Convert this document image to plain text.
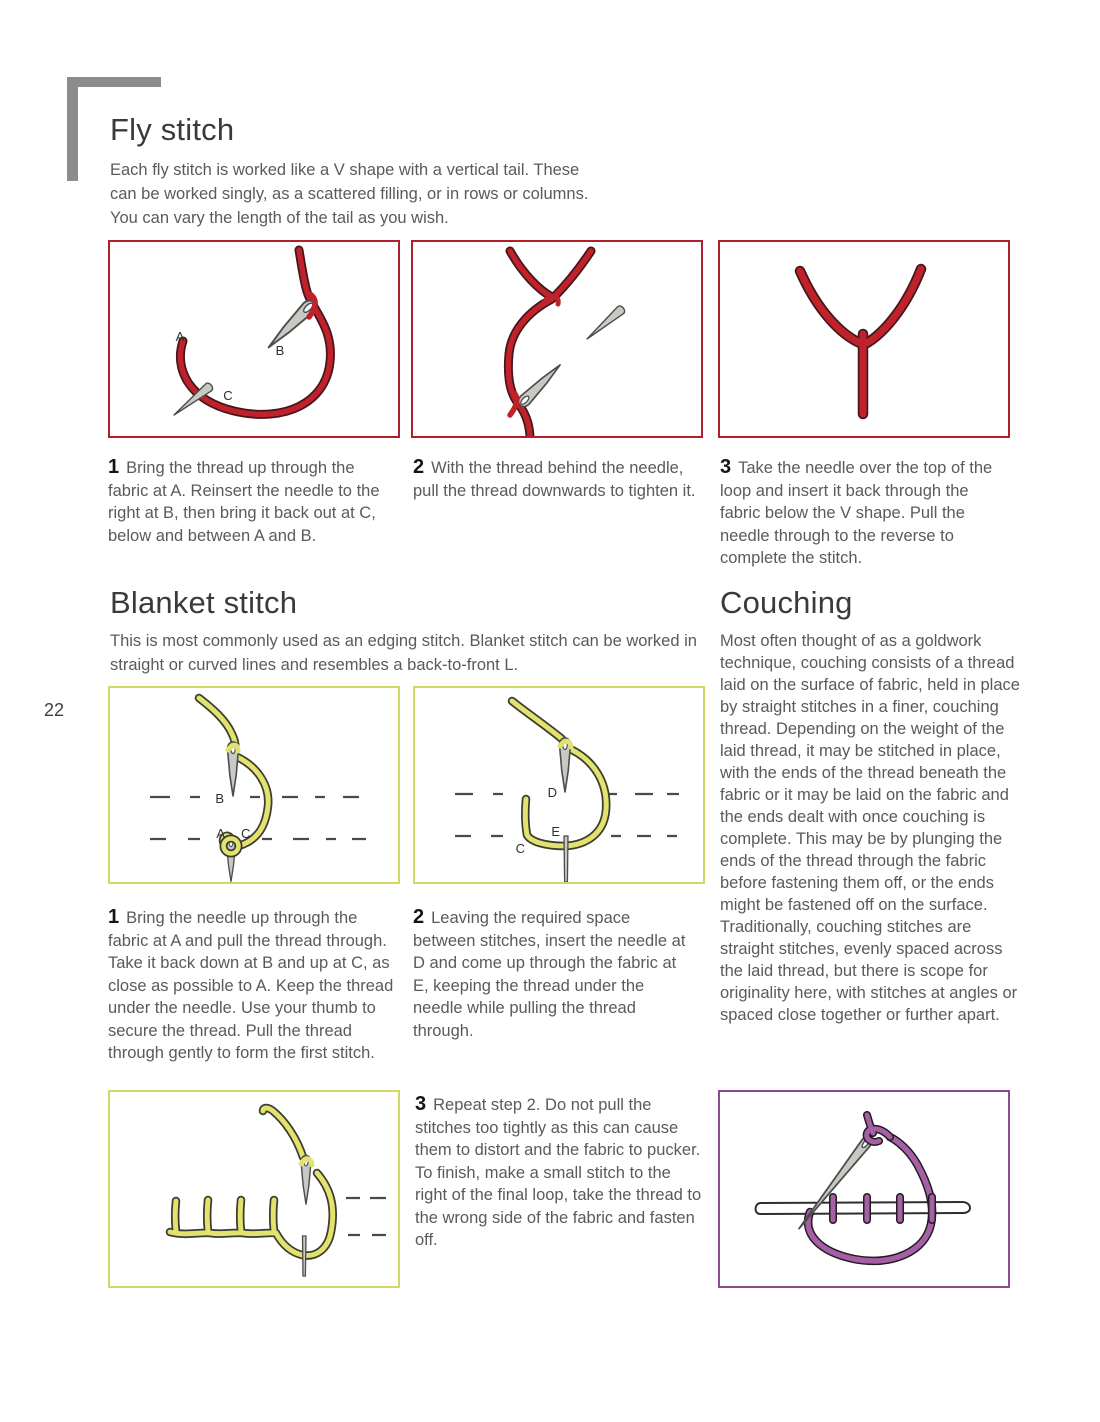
22
Fly stitch

Each fly stitch is worked like a V shape with a vertical tail. These can be worked singly, as a scattered filling, or in rows or columns. You can vary the length of the tail as you wish.

A
B
C
1 Bring the thread up through the fabric at A. Reinsert the needle to the right at B, then bring it back out at C, below and between A and B.
2 With the thread behind the needle, pull the thread downwards to tighten it.
3 Take the needle over the top of the loop and insert it back through the fabric below the V shape. Pull the needle through to the reverse to complete the stitch.
Blanket stitch

This is most commonly used as an edging stitch. Blanket stitch can be worked in straight or curved lines and resembles a back-to-front L.

Couching

Most often thought of as a goldwork technique, couching consists of a thread laid on the surface of fabric, held in place by straight stitches in a finer, couching thread. Depending on the weight of the laid thread, it may be stitched in place, with the ends of the thread beneath the fabric or it may be laid on the fabric and the ends dealt with once couching is complete. This may be by plunging the ends of the thread through the fabric before fastening them off, or the ends might be fastened off on the surface. Traditionally, couching stitches are straight stitches, evenly spaced across the laid thread, but there is scope for originality here, with stitches at angles or spaced close together or further apart.

B
A C
D
E
C
1 Bring the needle up through the fabric at A and pull the thread through. Take it back down at B and up at C, as close as possible to A. Keep the thread under the needle. Use your thumb to secure the thread. Pull the thread through gently to form the first stitch.
2 Leaving the required space between stitches, insert the needle at D and come up through the fabric at E, keeping the thread under the needle while pulling the thread through.
3 Repeat step 2. Do not pull the stitches too tightly as this can cause them to distort and the fabric to pucker. To finish, make a small stitch to the right of the final loop, take the thread to the wrong side of the fabric and fasten off.
